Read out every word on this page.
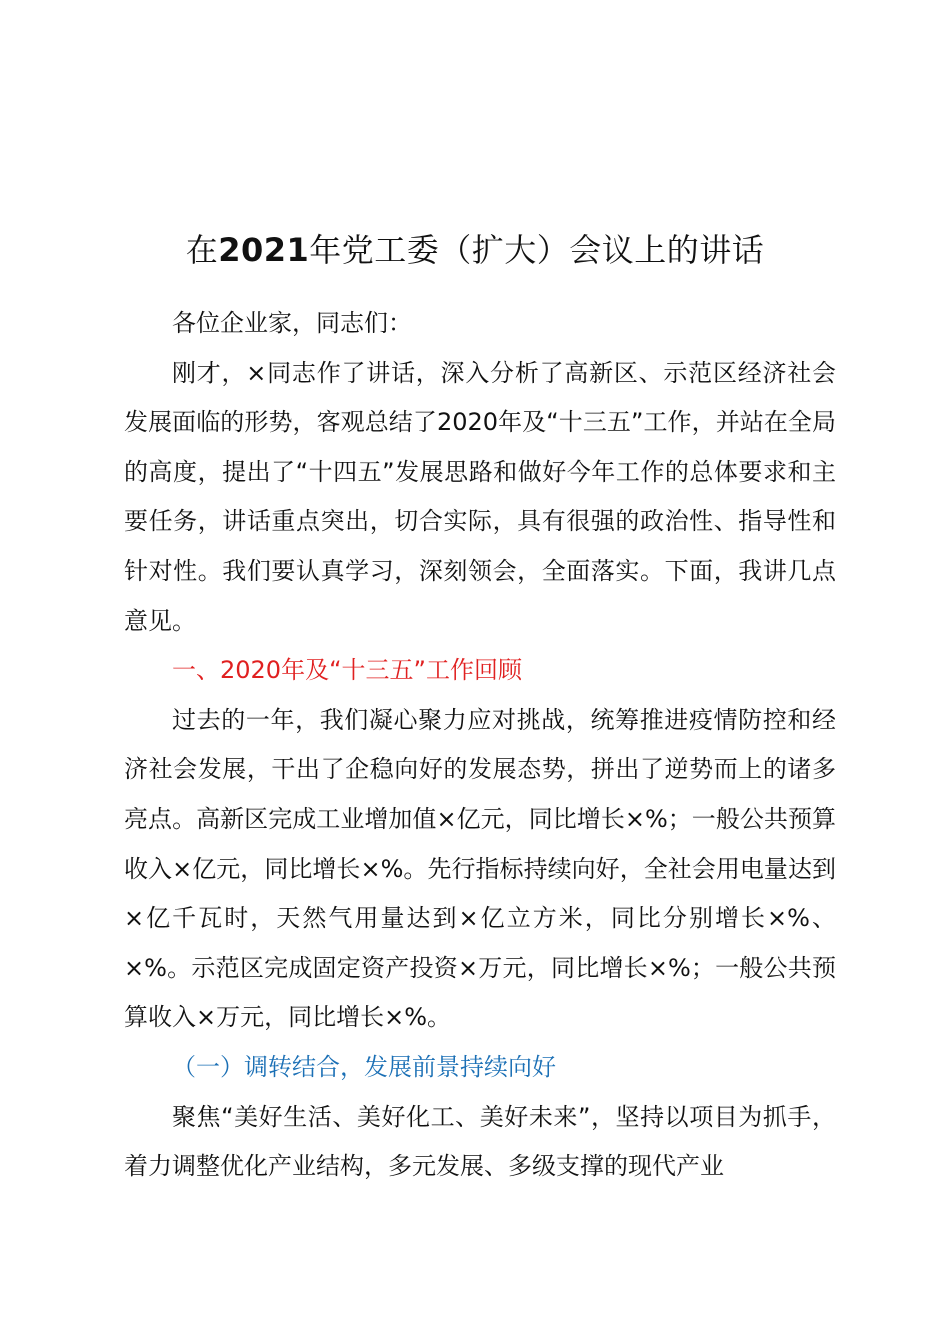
在2021年党工委（扩大）会议上的讲话

各位企业家，同志们：

刚才，×同志作了讲话，深入分析了高新区、示范区经济社会发展面临的形势，客观总结了2020年及“十三五”工作，并站在全局的高度，提出了“十四五”发展思路和做好今年工作的总体要求和主要任务，讲话重点突出，切合实际，具有很强的政治性、指导性和针对性。我们要认真学习，深刻领会，全面落实。下面，我讲几点意见。

一、2020年及“十三五”工作回顾

过去的一年，我们凝心聚力应对挑战，统筹推进疫情防控和经济社会发展，干出了企稳向好的发展态势，拼出了逆势而上的诸多亮点。高新区完成工业增加值×亿元，同比增长×%；一般公共预算收入×亿元，同比增长×%。先行指标持续向好，全社会用电量达到×亿千瓦时，天然气用量达到×亿立方米，同比分别增长×%、×%。示范区完成固定资产投资×万元，同比增长×%；一般公共预算收入×万元，同比增长×%。

（一）调转结合，发展前景持续向好

聚焦“美好生活、美好化工、美好未来”，坚持以项目为抓手，着力调整优化产业结构，多元发展、多级支撑的现代产业
